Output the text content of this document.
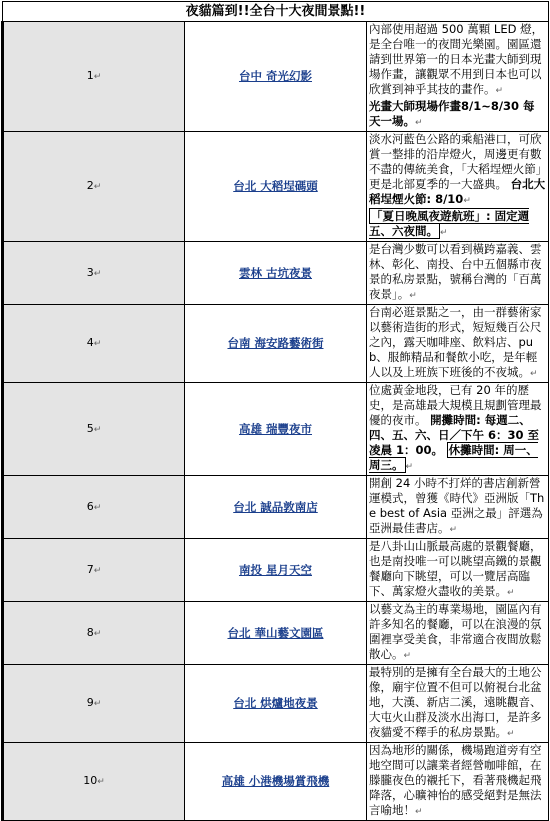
夜貓篇到!!全台十大夜間景點!!		
1↵	台中 奇光幻影	內部使用超過 500 萬顆 LED 燈，是全台唯一的夜間光樂園。園區還請到世界第一的日本光畫大師到現場作畫，讓觀眾不用到日本也可以欣賞到神乎其技的畫作。↵
光畫大師現場作畫8/1~8/30 每天一場。↵
2↵	台北 大稻埕碼頭	淡水河藍色公路的乘船港口，可欣賞一整排的沿岸燈火，周邊更有數不盡的傳統美食，「大稻埕煙火節」更是北部夏季的一大盛典。 台北大稻埕煙火節: 8/10↵
「夏日晚風夜遊航班」: 固定週五、六夜間。 ↵
3↵	雲林 古坑夜景	是台灣少數可以看到橫跨嘉義、雲林、彰化、南投、台中五個縣市夜景的私房景點，號稱台灣的「百萬夜景」。↵
4↵	台南 海安路藝術街	台南必逛景點之一，由一群藝術家以藝術造街的形式，短短幾百公尺之內，露天咖啡座、飲料店、pub、服飾精品和餐飲小吃，是年輕人以及上班族下班後的不夜城。↵
5↵	高雄 瑞豐夜市	位處黃金地段，已有 20 年的歷史，是高雄最大規模且規劃管理最優的夜市。 開攤時間: 每週二、四、五、六、日／下午 6：30 至凌晨 1：00。 休攤時間: 周一、周三。 ↵
6↵	台北 誠品敦南店	開創 24 小時不打烊的書店創新營運模式，曾獲《時代》亞洲版「The best of Asia 亞洲之最」評選為亞洲最佳書店。↵
7↵	南投 星月天空	是八卦山山脈最高處的景觀餐廳，也是南投唯一可以眺望高鐵的景觀餐廳向下眺望，可以一覽居高臨下、萬家燈火盡收的美景。↵
8↵	台北 華山藝文園區	以藝文為主的專業場地，園區內有許多知名的餐廳，可以在浪漫的氛圍裡享受美食，非常適合夜間放鬆散心。↵
9↵	台北 烘爐地夜景	最特別的是擁有全台最大的土地公像，廟宇位置不但可以俯視台北盆地，大漢、新店二溪，遠眺觀音、大屯火山群及淡水出海口，是許多夜貓愛不釋手的私房景點。↵
10↵	高雄 小港機場賞飛機	因為地形的關係，機場跑道旁有空地空間可以讓業者經營咖啡館，在滕朧夜色的襯托下，看著飛機起飛降落，心曠神怡的感受絕對是無法言喻地！↵
